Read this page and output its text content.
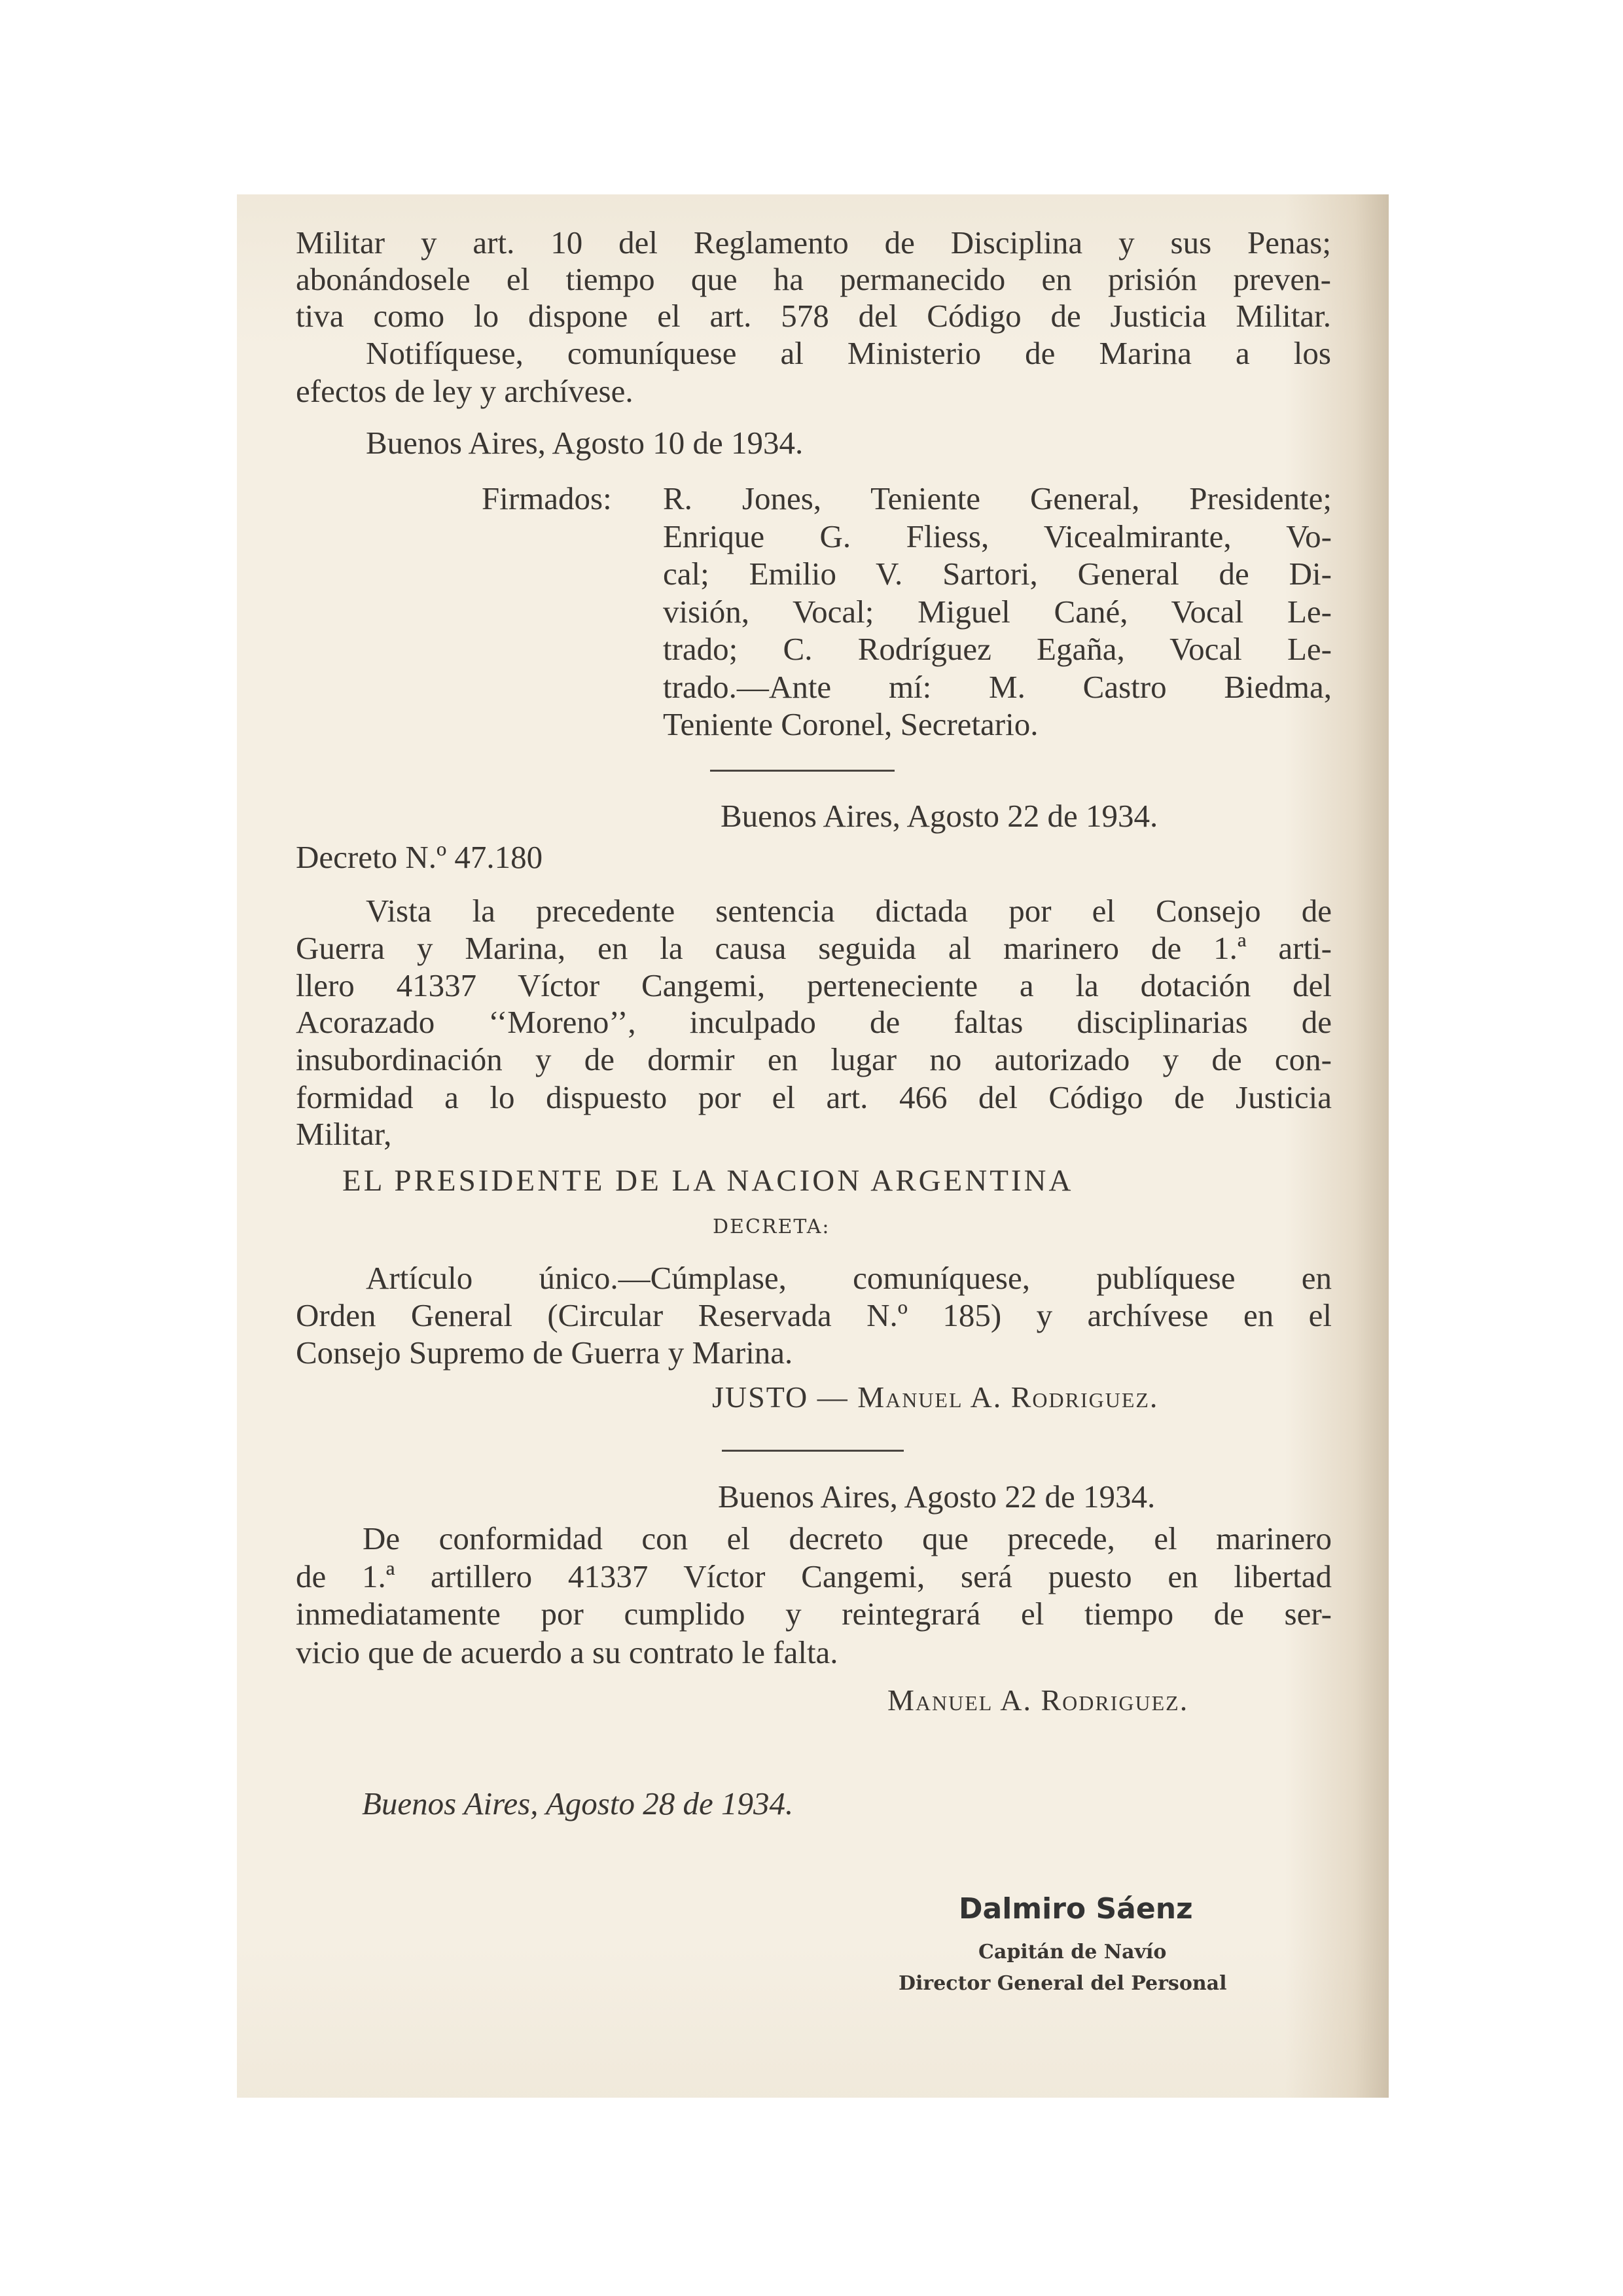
Militar y art. 10 del Reglamento de Disciplina y sus Penas;
abonándosele el tiempo que ha permanecido en prisión preven-
tiva como lo dispone el art. 578 del Código de Justicia Militar.
Notifíquese, comuníquese al Ministerio de Marina a los
efectos de ley y archívese.
Buenos Aires, Agosto 10 de 1934.
Firmados: R. Jones, Teniente General, Presidente;
Enrique G. Fliess, Vicealmirante, Vo-
cal; Emilio V. Sartori, General de Di-
visión, Vocal; Miguel Cané, Vocal Le-
trado; C. Rodríguez Egaña, Vocal Le-
trado.—Ante mí: M. Castro Biedma,
Teniente Coronel, Secretario.
Buenos Aires, Agosto 22 de 1934.
Decreto N.º 47.180
Vista la precedente sentencia dictada por el Consejo de
Guerra y Marina, en la causa seguida al marinero de 1.ª arti-
llero 41337 Víctor Cangemi, perteneciente a la dotación del
Acorazado ‘‘Moreno’’, inculpado de faltas disciplinarias de
insubordinación y de dormir en lugar no autorizado y de con-
formidad a lo dispuesto por el art. 466 del Código de Justicia
Militar,
EL PRESIDENTE DE LA NACION ARGENTINA
DECRETA:
Artículo único.—Cúmplase, comuníquese, publíquese en
Orden General (Circular Reservada N.º 185) y archívese en el
Consejo Supremo de Guerra y Marina.
JUSTO — Manuel A. Rodriguez.
Buenos Aires, Agosto 22 de 1934.
De conformidad con el decreto que precede, el marinero
de 1.ª artillero 41337 Víctor Cangemi, será puesto en libertad
inmediatamente por cumplido y reintegrará el tiempo de ser-
vicio que de acuerdo a su contrato le falta.
Manuel A. Rodriguez.
Buenos Aires, Agosto 28 de 1934.
Dalmiro Sáenz
Capitán de Navío
Director General del Personal
